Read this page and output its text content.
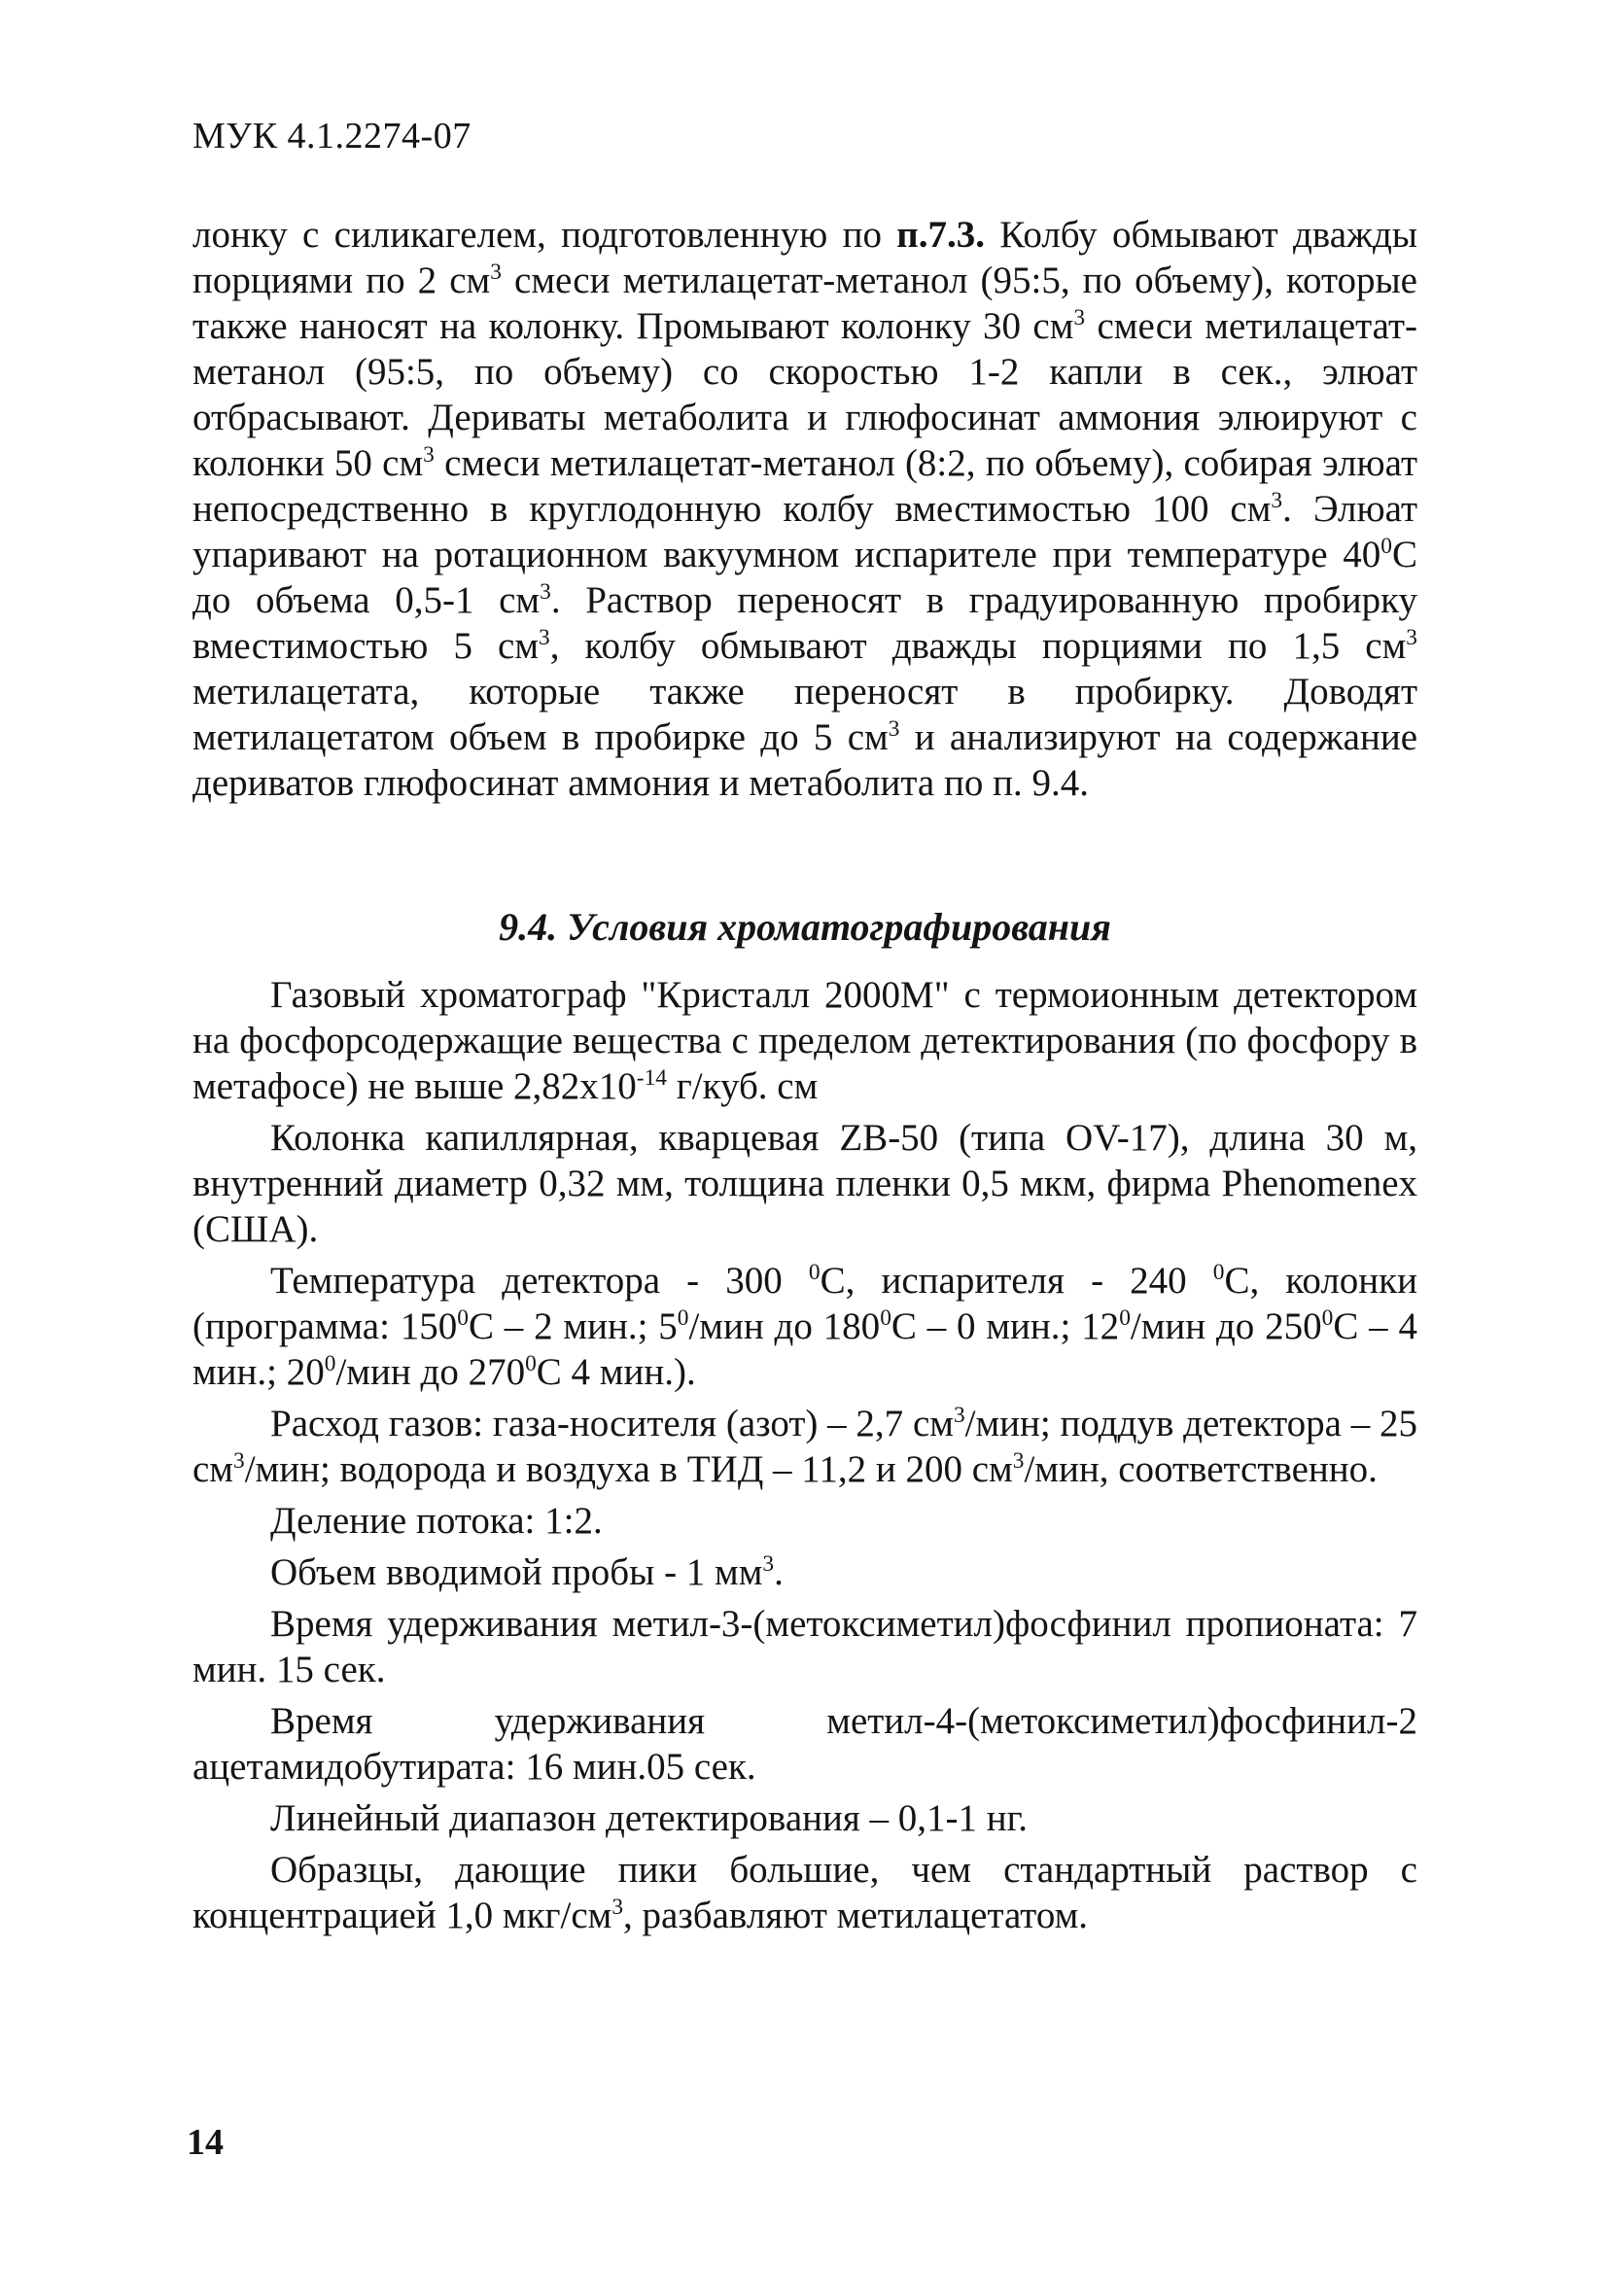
МУК 4.1.2274-07

лонку с силикагелем, подготовленную по п.7.3. Колбу обмывают дважды порциями по 2 $см^3$ смеси метилацетат-метанол (95:5, по объему), которые также наносят на колонку. Промывают колонку 30 $см^3$ смеси метилацетат-метанол (95:5, по объему) со скоростью 1-2 капли в сек., элюат отбрасывают. Дериваты метаболита и глюфосинат аммония элюируют с колонки 50 $см^3$ смеси метилацетат-метанол (8:2, по объему), собирая элюат непосредственно в круглодонную колбу вместимостью 100 $см^3$. Элюат упаривают на ротационном вакуумном испарителе при температуре $40^0С$ до объема 0,5-1 $см^3$. Раствор переносят в градуированную пробирку вместимостью 5 $см^3$, колбу обмывают дважды порциями по 1,5 $см^3$ метилацетата, которые также переносят в пробирку. Доводят метилацетатом объем в пробирке до 5 $см^3$ и анализируют на содержание дериватов глюфосинат аммония и метаболита по п. 9.4.

9.4. Условия хроматографирования

Газовый хроматограф "Кристалл 2000М" с термоионным детектором на фосфорсодержащие вещества с пределом детектирования (по фосфору в метафосе) не выше $2,82x10^{-14}$ г/куб. см

Колонка капиллярная, кварцевая ZB-50 (типа OV-17), длина 30 м, внутренний диаметр 0,32 мм, толщина пленки 0,5 мкм, фирма Phenomenex (США).

Температура детектора - 300 $^0$С, испарителя - 240 $^0$С, колонки (программа: $150^0С - 2$ мин.; $5^0$/мин до $180^0С - 0$ мин.; $12^0$/мин до $250^0С - 4$ мин.; $20^0$/мин до $270^0С$ 4 мин.).

Расход газов: газа-носителя (азот) – 2,7 $см^3$/мин; поддув детектора – 25 $см^3$/мин; водорода и воздуха в ТИД – 11,2 и 200 $см^3$/мин, соответственно.

Деление потока: 1:2.

Объем вводимой пробы - 1 $мм^3$.

Время удерживания метил-3-(метоксиметил)фосфинил пропионата: 7 мин. 15 сек.

Время удерживания метил-4-(метоксиметил)фосфинил-2 ацетамидобутирата: 16 мин.05 сек.

Линейный диапазон детектирования – 0,1-1 нг.

Образцы, дающие пики большие, чем стандартный раствор с концентрацией 1,0 мкг/$см^3$, разбавляют метилацетатом.

14
